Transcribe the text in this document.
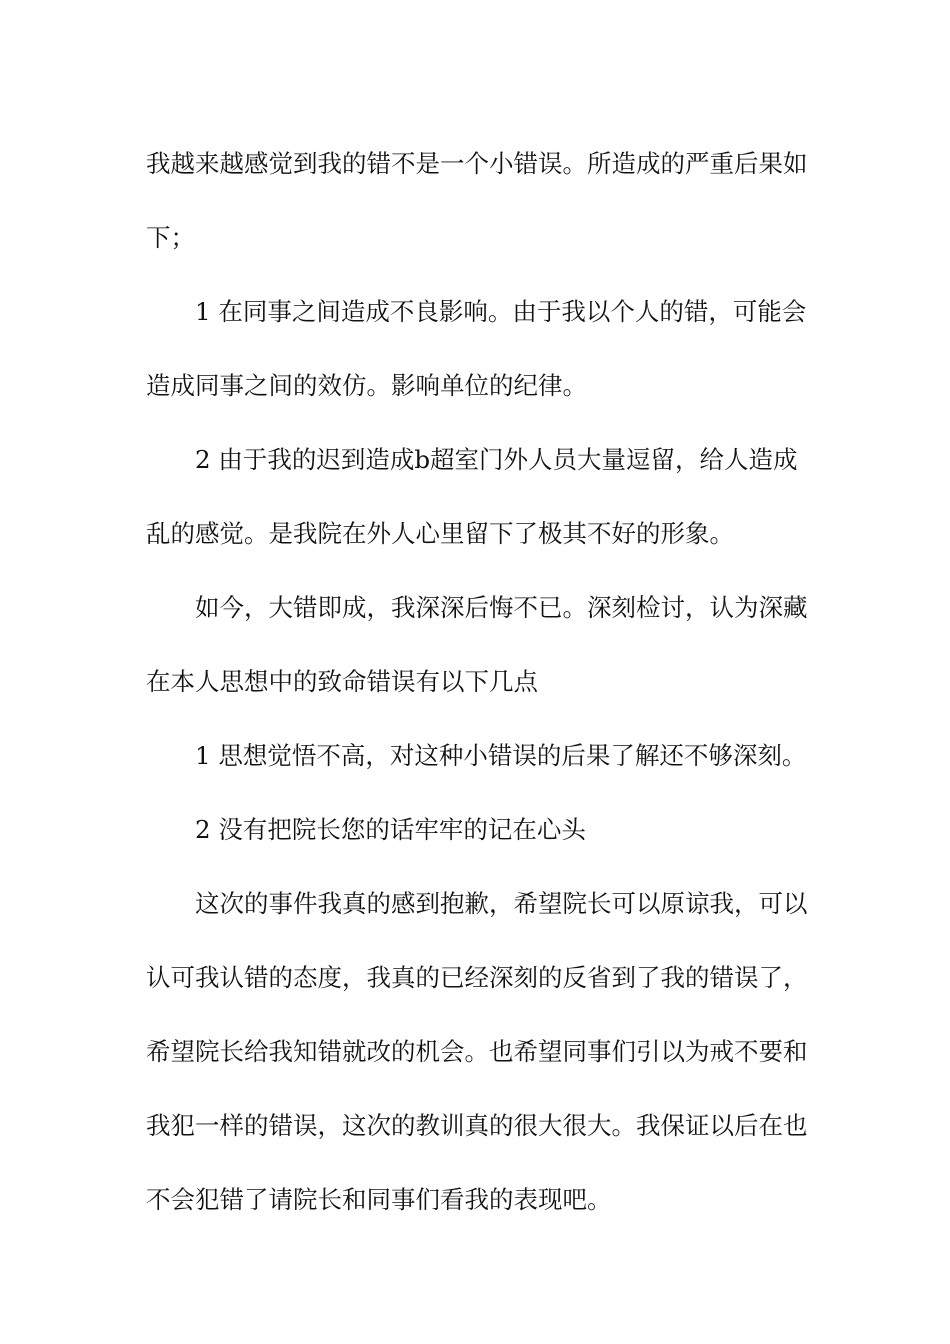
我越来越感觉到我的错不是一个小错误。所造成的严重后果如
下；
1 在同事之间造成不良影响。由于我以个人的错，可能会
造成同事之间的效仿。影响单位的纪律。
2 由于我的迟到造成b超室门外人员大量逗留，给人造成
乱的感觉。是我院在外人心里留下了极其不好的形象。
如今，大错即成，我深深后悔不已。深刻检讨，认为深藏
在本人思想中的致命错误有以下几点
1 思想觉悟不高，对这种小错误的后果了解还不够深刻。
2 没有把院长您的话牢牢的记在心头
这次的事件我真的感到抱歉，希望院长可以原谅我，可以
认可我认错的态度，我真的已经深刻的反省到了我的错误了，
希望院长给我知错就改的机会。也希望同事们引以为戒不要和
我犯一样的错误，这次的教训真的很大很大。我保证以后在也
不会犯错了请院长和同事们看我的表现吧。
